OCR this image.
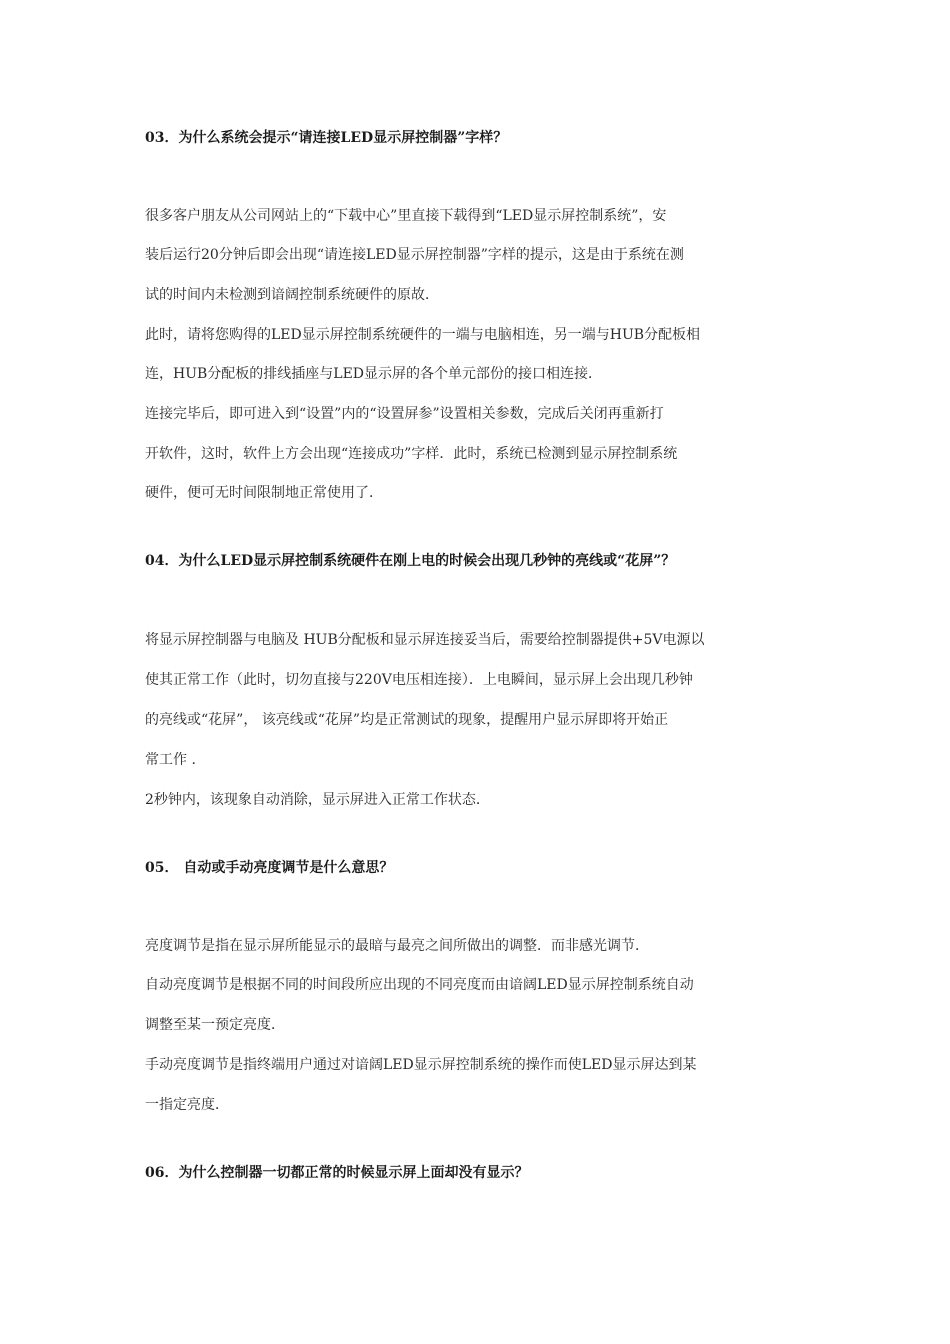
03．为什么系统会提示“请连接LED显示屏控制器”字样？
很多客户朋友从公司网站上的“下载中心”里直接下载得到“LED显示屏控制系统”，安
装后运行20分钟后即会出现“请连接LED显示屏控制器”字样的提示，这是由于系统在测
试的时间内未检测到谙阔控制系统硬件的原故．
此时，请将您购得的LED显示屏控制系统硬件的一端与电脑相连，另一端与HUB分配板相
连，HUB分配板的排线插座与LED显示屏的各个单元部份的接口相连接．
连接完毕后，即可进入到“设置”内的“设置屏参”设置相关参数，完成后关闭再重新打
开软件，这时，软件上方会出现“连接成功”字样．此时，系统已检测到显示屏控制系统
硬件，便可无时间限制地正常使用了．
04．为什么LED显示屏控制系统硬件在刚上电的时候会出现几秒钟的亮线或“花屏”？
将显示屏控制器与电脑及 HUB分配板和显示屏连接妥当后，需要给控制器提供+5V电源以
使其正常工作（此时，切勿直接与220V电压相连接）．上电瞬间，显示屏上会出现几秒钟
的亮线或“花屏”， 该亮线或“花屏”均是正常测试的现象，提醒用户显示屏即将开始正
常工作 .
2秒钟内，该现象自动消除，显示屏进入正常工作状态．
05． 自动或手动亮度调节是什么意思？
亮度调节是指在显示屏所能显示的最暗与最亮之间所做出的调整．而非感光调节．
自动亮度调节是根据不同的时间段所应出现的不同亮度而由谙阔LED显示屏控制系统自动
调整至某一预定亮度．
手动亮度调节是指终端用户通过对谙阔LED显示屏控制系统的操作而使LED显示屏达到某
一指定亮度．
06．为什么控制器一切都正常的时候显示屏上面却没有显示？
